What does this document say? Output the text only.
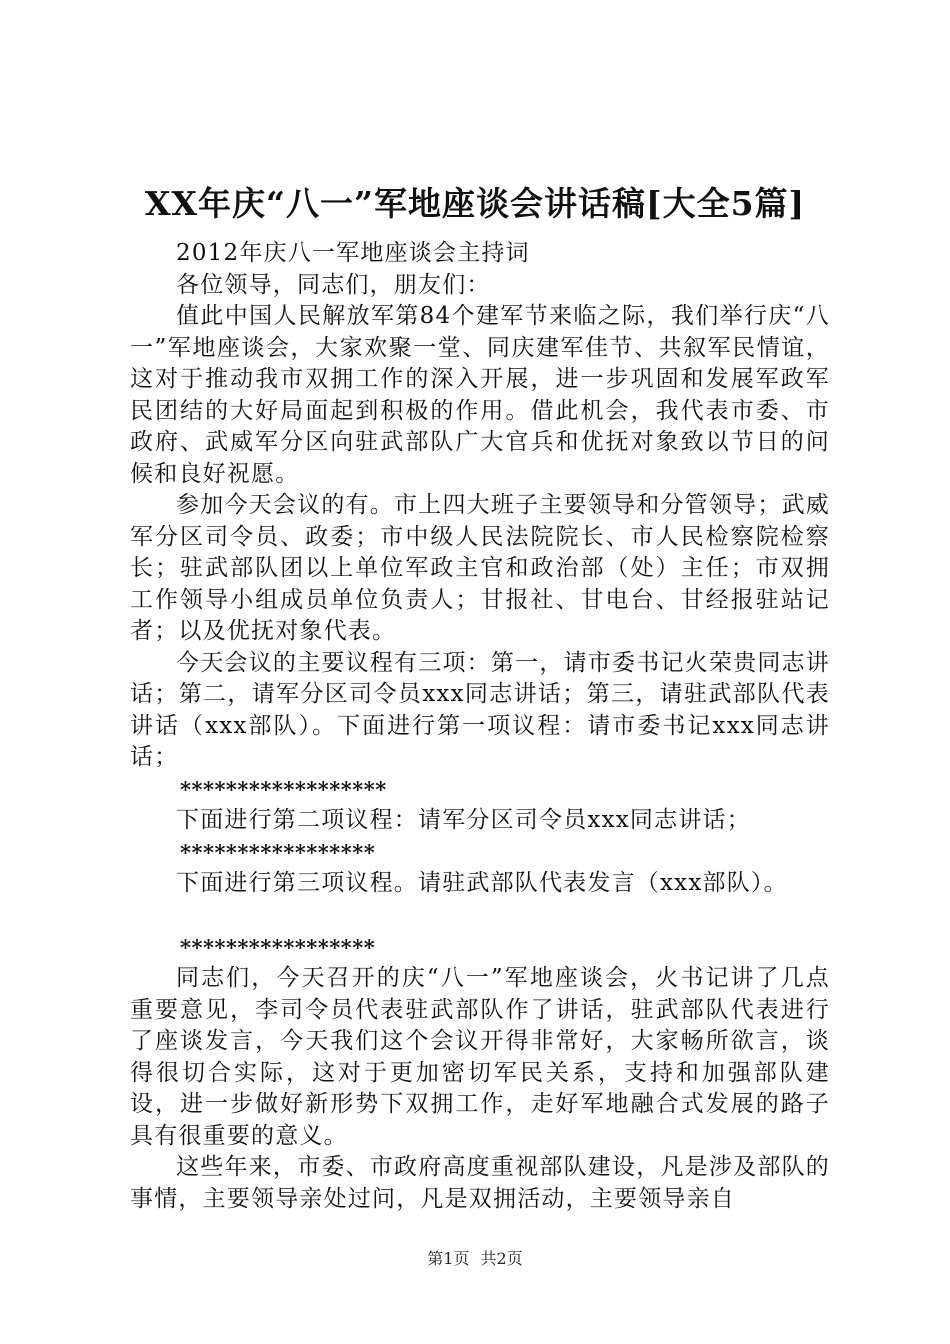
XX年庆“八一”军地座谈会讲话稿[大全5篇]

2012年庆八一军地座谈会主持词

各位领导，同志们，朋友们：

值此中国人民解放军第84个建军节来临之际，我们举行庆“八一”军地座谈会，大家欢聚一堂、同庆建军佳节、共叙军民情谊，这对于推动我市双拥工作的深入开展，进一步巩固和发展军政军民团结的大好局面起到积极的作用。借此机会，我代表市委、市政府、武威军分区向驻武部队广大官兵和优抚对象致以节日的问候和良好祝愿。

参加今天会议的有。市上四大班子主要领导和分管领导；武威军分区司令员、政委；市中级人民法院院长、市人民检察院检察长；驻武部队团以上单位军政主官和政治部（处）主任；市双拥工作领导小组成员单位负责人；甘报社、甘电台、甘经报驻站记者；以及优抚对象代表。

今天会议的主要议程有三项：第一，请市委书记火荣贵同志讲话；第二，请军分区司令员xxx同志讲话；第三，请驻武部队代表讲话（xxx部队）。下面进行第一项议程：请市委书记xxx同志讲话；

******************

下面进行第二项议程：请军分区司令员xxx同志讲话；

*****************

下面进行第三项议程。请驻武部队代表发言（xxx部队）。

*****************

同志们，今天召开的庆“八一”军地座谈会，火书记讲了几点重要意见，李司令员代表驻武部队作了讲话，驻武部队代表进行了座谈发言，今天我们这个会议开得非常好，大家畅所欲言，谈得很切合实际，这对于更加密切军民关系，支持和加强部队建设，进一步做好新形势下双拥工作，走好军地融合式发展的路子具有很重要的意义。

这些年来，市委、市政府高度重视部队建设，凡是涉及部队的事情，主要领导亲处过问，凡是双拥活动，主要领导亲自

第1页 共2页
